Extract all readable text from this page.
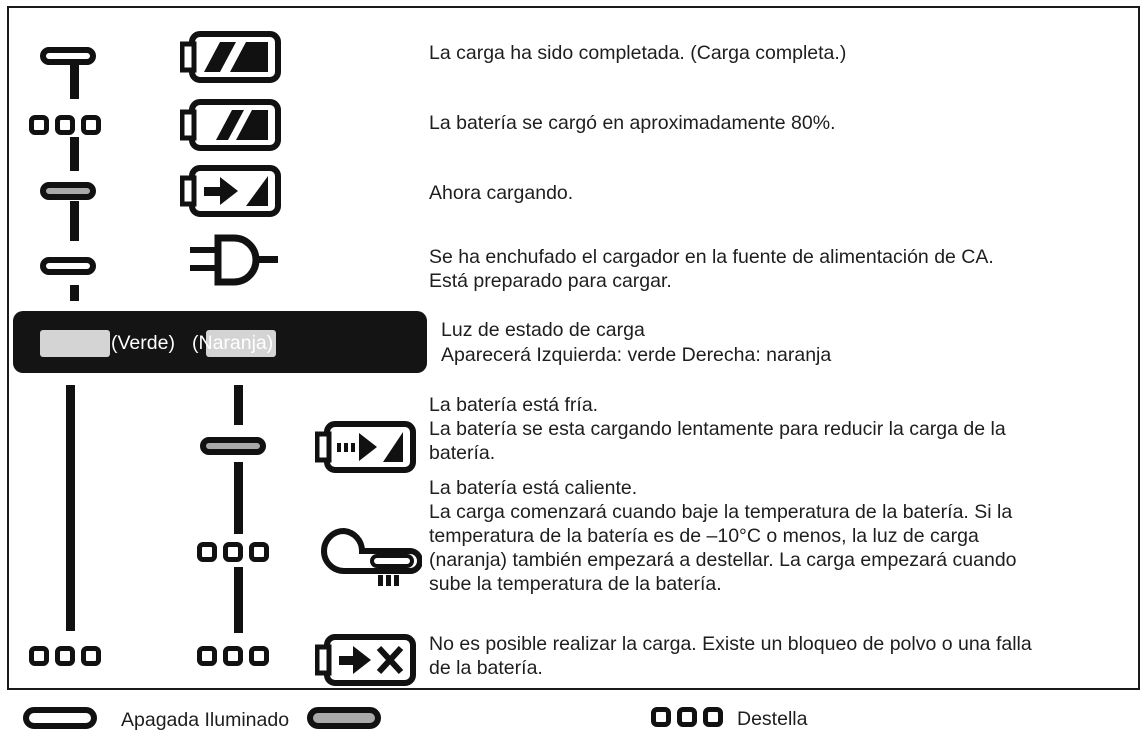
La carga ha sido completada. (Carga completa.)
La batería se cargó en aproximadamente 80%.
Ahora cargando.
Se ha enchufado el cargador en la fuente de alimentación de CA.
Está preparado para cargar.
(Verde) (Naranja)
Luz de estado de carga
Aparecerá Izquierda: verde Derecha: naranja
La batería está fría.
La batería se esta cargando lentamente para reducir la carga de la
batería.
La batería está caliente.
La carga comenzará cuando baje la temperatura de la batería. Si la
temperatura de la batería es de –10°C o menos, la luz de carga
(naranja) también empezará a destellar. La carga empezará cuando
sube la temperatura de la batería.
No es posible realizar la carga. Existe un bloqueo de polvo o una falla
de la batería.
Apagada Iluminado	Destella
